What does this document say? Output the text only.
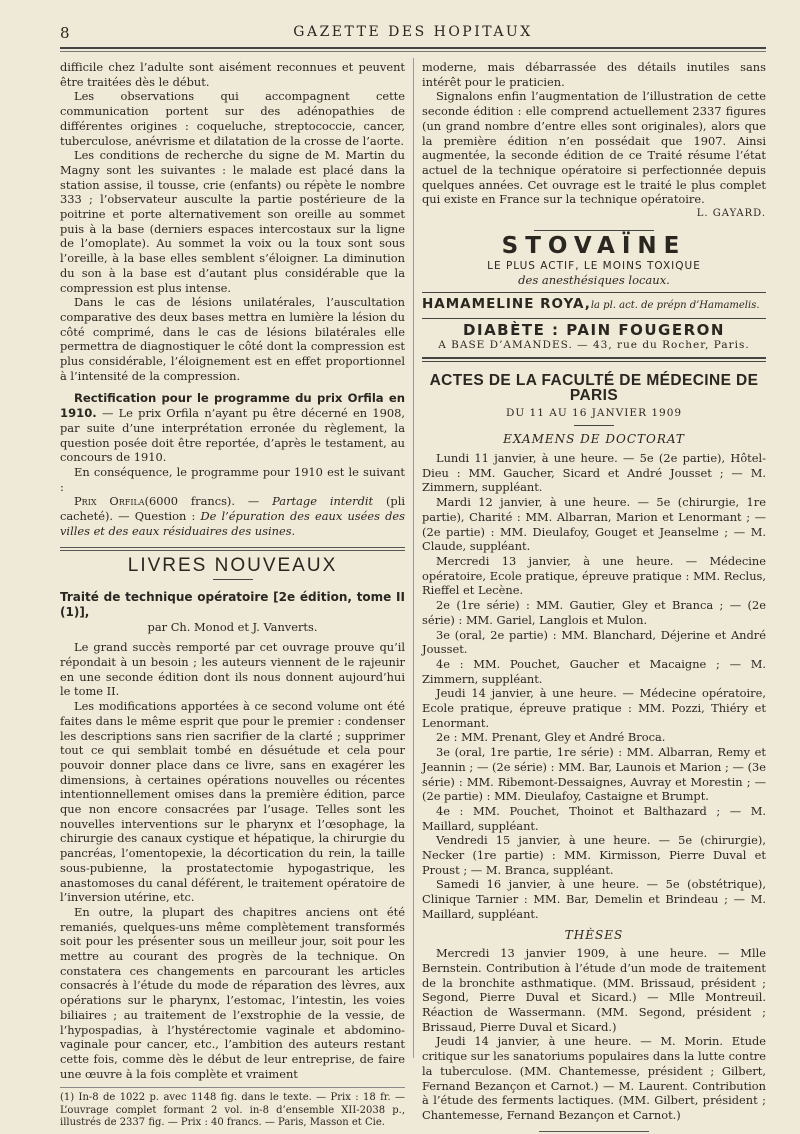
8	GAZETTE DES HOPITAUX

difficile chez l’adulte sont aisément reconnues et peuvent être traitées dès le début.

Les observations qui accompagnent cette communication portent sur des adénopathies de différentes origines : coqueluche, streptococcie, cancer, tuberculose, anévrisme et dilatation de la crosse de l’aorte.

Les conditions de recherche du signe de M. Martin du Magny sont les suivantes : le malade est placé dans la station assise, il tousse, crie (enfants) ou répète le nombre 333 ; l’observateur ausculte la partie postérieure de la poitrine et porte alternativement son oreille au sommet puis à la base (derniers espaces intercostaux sur la ligne de l’omoplate). Au sommet la voix ou la toux sont sous l’oreille, à la base elles semblent s’éloigner. La diminution du son à la base est d’autant plus considérable que la compression est plus intense.

Dans le cas de lésions unilatérales, l’auscultation comparative des deux bases mettra en lumière la lésion du côté comprimé, dans le cas de lésions bilatérales elle permettra de diagnostiquer le côté dont la compression est plus considérable, l’éloignement est en effet proportionnel à l’intensité de la compression.

Rectification pour le programme du prix Orfila en 1910. — Le prix Orfila n’ayant pu être décerné en 1908, par suite d’une interprétation erronée du règlement, la question posée doit être reportée, d’après le testament, au concours de 1910.

En conséquence, le programme pour 1910 est le suivant :

Prix Orfila(6000 francs). — Partage interdit (pli cacheté). — Question : De l’épuration des eaux usées des villes et des eaux résiduaires des usines.

LIVRES NOUVEAUX

Traité de technique opératoire [2e édition, tome II (1)],

par Ch. Monod et J. Vanverts.

Le grand succès remporté par cet ouvrage prouve qu’il répondait à un besoin ; les auteurs viennent de le rajeunir en une seconde édition dont ils nous donnent aujourd’hui le tome II.

Les modifications apportées à ce second volume ont été faites dans le même esprit que pour le premier : condenser les descriptions sans rien sacrifier de la clarté ; supprimer tout ce qui semblait tombé en désuétude et cela pour pouvoir donner place dans ce livre, sans en exagérer les dimensions, à certaines opérations nouvelles ou récentes intentionnellement omises dans la première édition, parce que non encore consacrées par l’usage. Telles sont les nouvelles interventions sur le pharynx et l’œsophage, la chirurgie des canaux cystique et hépatique, la chirurgie du pancréas, l’omentopexie, la décortication du rein, la taille sous-pubienne, la prostatectomie hypogastrique, les anastomoses du canal déférent, le traitement opératoire de l’inversion utérine, etc.

En outre, la plupart des chapitres anciens ont été remaniés, quelques-uns même complètement transformés soit pour les présenter sous un meilleur jour, soit pour les mettre au courant des progrès de la technique. On constatera ces changements en parcourant les articles consacrés à l’étude du mode de réparation des lèvres, aux opérations sur le pharynx, l’estomac, l’intestin, les voies biliaires ; au traitement de l’exstrophie de la vessie, de l’hypospadias, à l’hystérectomie vaginale et abdomino-vaginale pour cancer, etc., l’ambition des auteurs restant cette fois, comme dès le début de leur entreprise, de faire une œuvre à la fois complète et vraiment

(1) In-8 de 1022 p. avec 1148 fig. dans le texte. — Prix : 18 fr. — L’ouvrage complet formant 2 vol. in-8 d’ensemble XII-2038 p., illustrés de 2337 fig. — Prix : 40 francs. — Paris, Masson et Cie.

moderne, mais débarrassée des détails inutiles sans intérêt pour le praticien.

Signalons enfin l’augmentation de l’illustration de cette seconde édition : elle comprend actuellement 2337 figures (un grand nombre d’entre elles sont originales), alors que la première édition n’en possédait que 1907. Ainsi augmentée, la seconde édition de ce Traité résume l’état actuel de la technique opératoire si perfectionnée depuis quelques années. Cet ouvrage est le traité le plus complet qui existe en France sur la technique opératoire.

L. GAYARD.
STOVAÏNE
LE PLUS ACTIF, LE MOINS TOXIQUE
des anesthésiques locaux.
HAMAMELINE ROYA,la pl. act. de prépn d’Hamamelis.
DIABÈTE : PAIN FOUGERON
A BASE D’AMANDES. — 43, rue du Rocher, Paris.
ACTES DE LA FACULTÉ DE MÉDECINE DE PARIS
DU 11 AU 16 JANVIER 1909
EXAMENS DE DOCTORAT

Lundi 11 janvier, à une heure. — 5e (2e partie), Hôtel-Dieu : MM. Gaucher, Sicard et André Jousset ; — M. Zimmern, suppléant.

Mardi 12 janvier, à une heure. — 5e (chirurgie, 1re partie), Charité : MM. Albarran, Marion et Lenormant ; — (2e partie) : MM. Dieulafoy, Gouget et Jeanselme ; — M. Claude, suppléant.

Mercredi 13 janvier, à une heure. — Médecine opératoire, Ecole pratique, épreuve pratique : MM. Reclus, Rieffel et Lecène.

2e (1re série) : MM. Gautier, Gley et Branca ; — (2e série) : MM. Gariel, Langlois et Mulon.

3e (oral, 2e partie) : MM. Blanchard, Déjerine et André Jousset.

4e : MM. Pouchet, Gaucher et Macaigne ; — M. Zimmern, suppléant.

Jeudi 14 janvier, à une heure. — Médecine opératoire, Ecole pratique, épreuve pratique : MM. Pozzi, Thiéry et Lenormant.

2e : MM. Prenant, Gley et André Broca.

3e (oral, 1re partie, 1re série) : MM. Albarran, Remy et Jeannin ; — (2e série) : MM. Bar, Launois et Marion ; — (3e série) : MM. Ribemont-Dessaignes, Auvray et Morestin ; — (2e partie) : MM. Dieulafoy, Castaigne et Brumpt.

4e : MM. Pouchet, Thoinot et Balthazard ; — M. Maillard, suppléant.

Vendredi 15 janvier, à une heure. — 5e (chirurgie), Necker (1re partie) : MM. Kirmisson, Pierre Duval et Proust ; — M. Branca, suppléant.

Samedi 16 janvier, à une heure. — 5e (obstétrique), Clinique Tarnier : MM. Bar, Demelin et Brindeau ; — M. Maillard, suppléant.

THÈSES

Mercredi 13 janvier 1909, à une heure. — Mlle Bernstein. Contribution à l’étude d’un mode de traitement de la bronchite asthmatique. (MM. Brissaud, président ; Segond, Pierre Duval et Sicard.) — Mlle Montreuil. Réaction de Wassermann. (MM. Segond, président ; Brissaud, Pierre Duval et Sicard.)

Jeudi 14 janvier, à une heure. — M. Morin. Etude critique sur les sanatoriums populaires dans la lutte contre la tuberculose. (MM. Chantemesse, président ; Gilbert, Fernand Bezançon et Carnot.) — M. Laurent. Contribution à l’étude des ferments lactiques. (MM. Gilbert, président ; Chantemesse, Fernand Bezançon et Carnot.)
